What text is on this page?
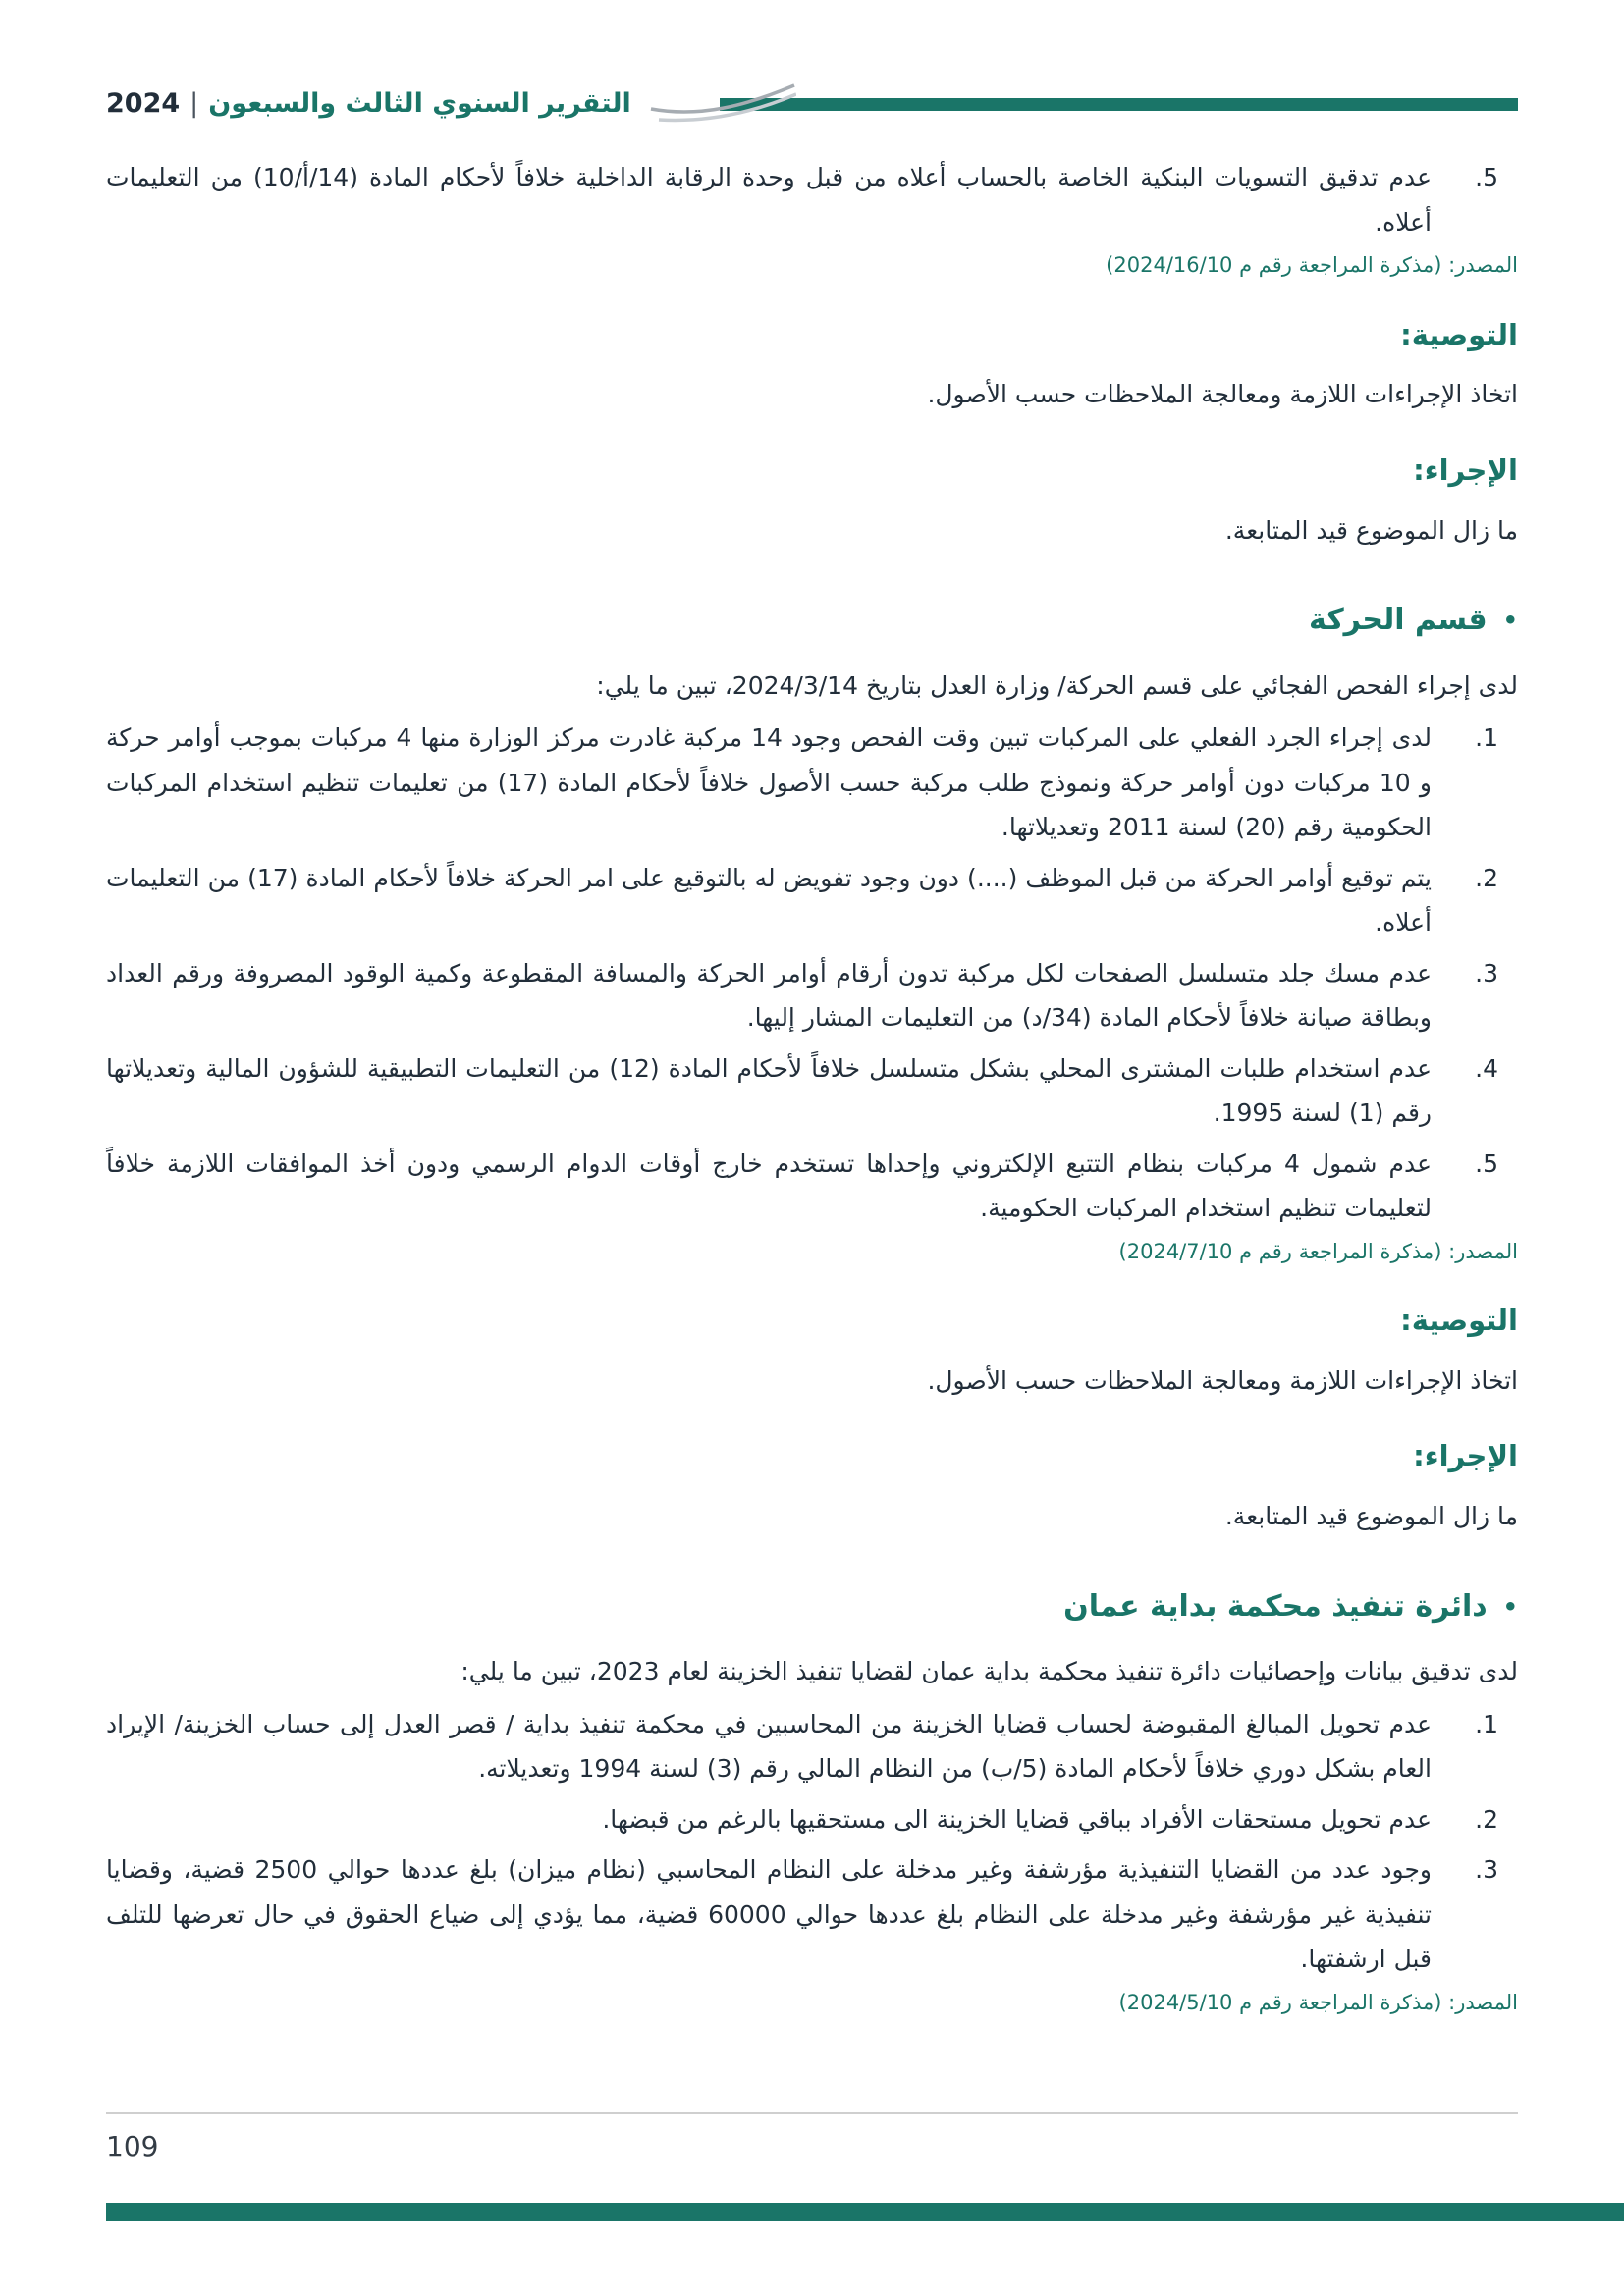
التقرير السنوي الثالث والسبعون|2024
5.
عدم تدقيق التسويات البنكية الخاصة بالحساب أعلاه من قبل وحدة الرقابة الداخلية خلافاً لأحكام المادة (14/أ/10) من التعليمات أعلاه.

المصدر: (مذكرة المراجعة رقم م 2024/16/10)

التوصية:

اتخاذ الإجراءات اللازمة ومعالجة الملاحظات حسب الأصول.

الإجراء:

ما زال الموضوع قيد المتابعة.

•
قسم الحركة

لدى إجراء الفحص الفجائي على قسم الحركة/ وزارة العدل بتاريخ 2024/3/14، تبين ما يلي:

1.
لدى إجراء الجرد الفعلي على المركبات تبين وقت الفحص وجود 14 مركبة غادرت مركز الوزارة منها 4 مركبات بموجب أوامر حركة و 10 مركبات دون أوامر حركة ونموذج طلب مركبة حسب الأصول خلافاً لأحكام المادة (17) من تعليمات تنظيم استخدام المركبات الحكومية رقم (20) لسنة 2011 وتعديلاتها.
2.
يتم توقيع أوامر الحركة من قبل الموظف (....) دون وجود تفويض له بالتوقيع على امر الحركة خلافاً لأحكام المادة (17) من التعليمات أعلاه.
3.
عدم مسك جلد متسلسل الصفحات لكل مركبة تدون أرقام أوامر الحركة والمسافة المقطوعة وكمية الوقود المصروفة ورقم العداد وبطاقة صيانة خلافاً لأحكام المادة (34/د) من التعليمات المشار إليها.
4.
عدم استخدام طلبات المشترى المحلي بشكل متسلسل خلافاً لأحكام المادة (12) من التعليمات التطبيقية للشؤون المالية وتعديلاتها رقم (1) لسنة 1995.
5.
عدم شمول 4 مركبات بنظام التتبع الإلكتروني وإحداها تستخدم خارج أوقات الدوام الرسمي ودون أخذ الموافقات اللازمة خلافاً لتعليمات تنظيم استخدام المركبات الحكومية.

المصدر: (مذكرة المراجعة رقم م 2024/7/10)

التوصية:

اتخاذ الإجراءات اللازمة ومعالجة الملاحظات حسب الأصول.

الإجراء:

ما زال الموضوع قيد المتابعة.

•
دائرة تنفيذ محكمة بداية عمان

لدى تدقيق بيانات وإحصائيات دائرة تنفيذ محكمة بداية عمان لقضايا تنفيذ الخزينة لعام 2023، تبين ما يلي:

1.
عدم تحويل المبالغ المقبوضة لحساب قضايا الخزينة من المحاسبين في محكمة تنفيذ بداية / قصر العدل إلى حساب الخزينة/ الإيراد العام بشكل دوري خلافاً لأحكام المادة (5/ب) من النظام المالي رقم (3) لسنة 1994 وتعديلاته.
2.
عدم تحويل مستحقات الأفراد بباقي قضايا الخزينة الى مستحقيها بالرغم من قبضها.
3.
وجود عدد من القضايا التنفيذية مؤرشفة وغير مدخلة على النظام المحاسبي (نظام ميزان) بلغ عددها حوالي 2500 قضية، وقضايا تنفيذية غير مؤرشفة وغير مدخلة على النظام بلغ عددها حوالي 60000 قضية، مما يؤدي إلى ضياع الحقوق في حال تعرضها للتلف قبل ارشفتها.

المصدر: (مذكرة المراجعة رقم م 2024/5/10)

109
